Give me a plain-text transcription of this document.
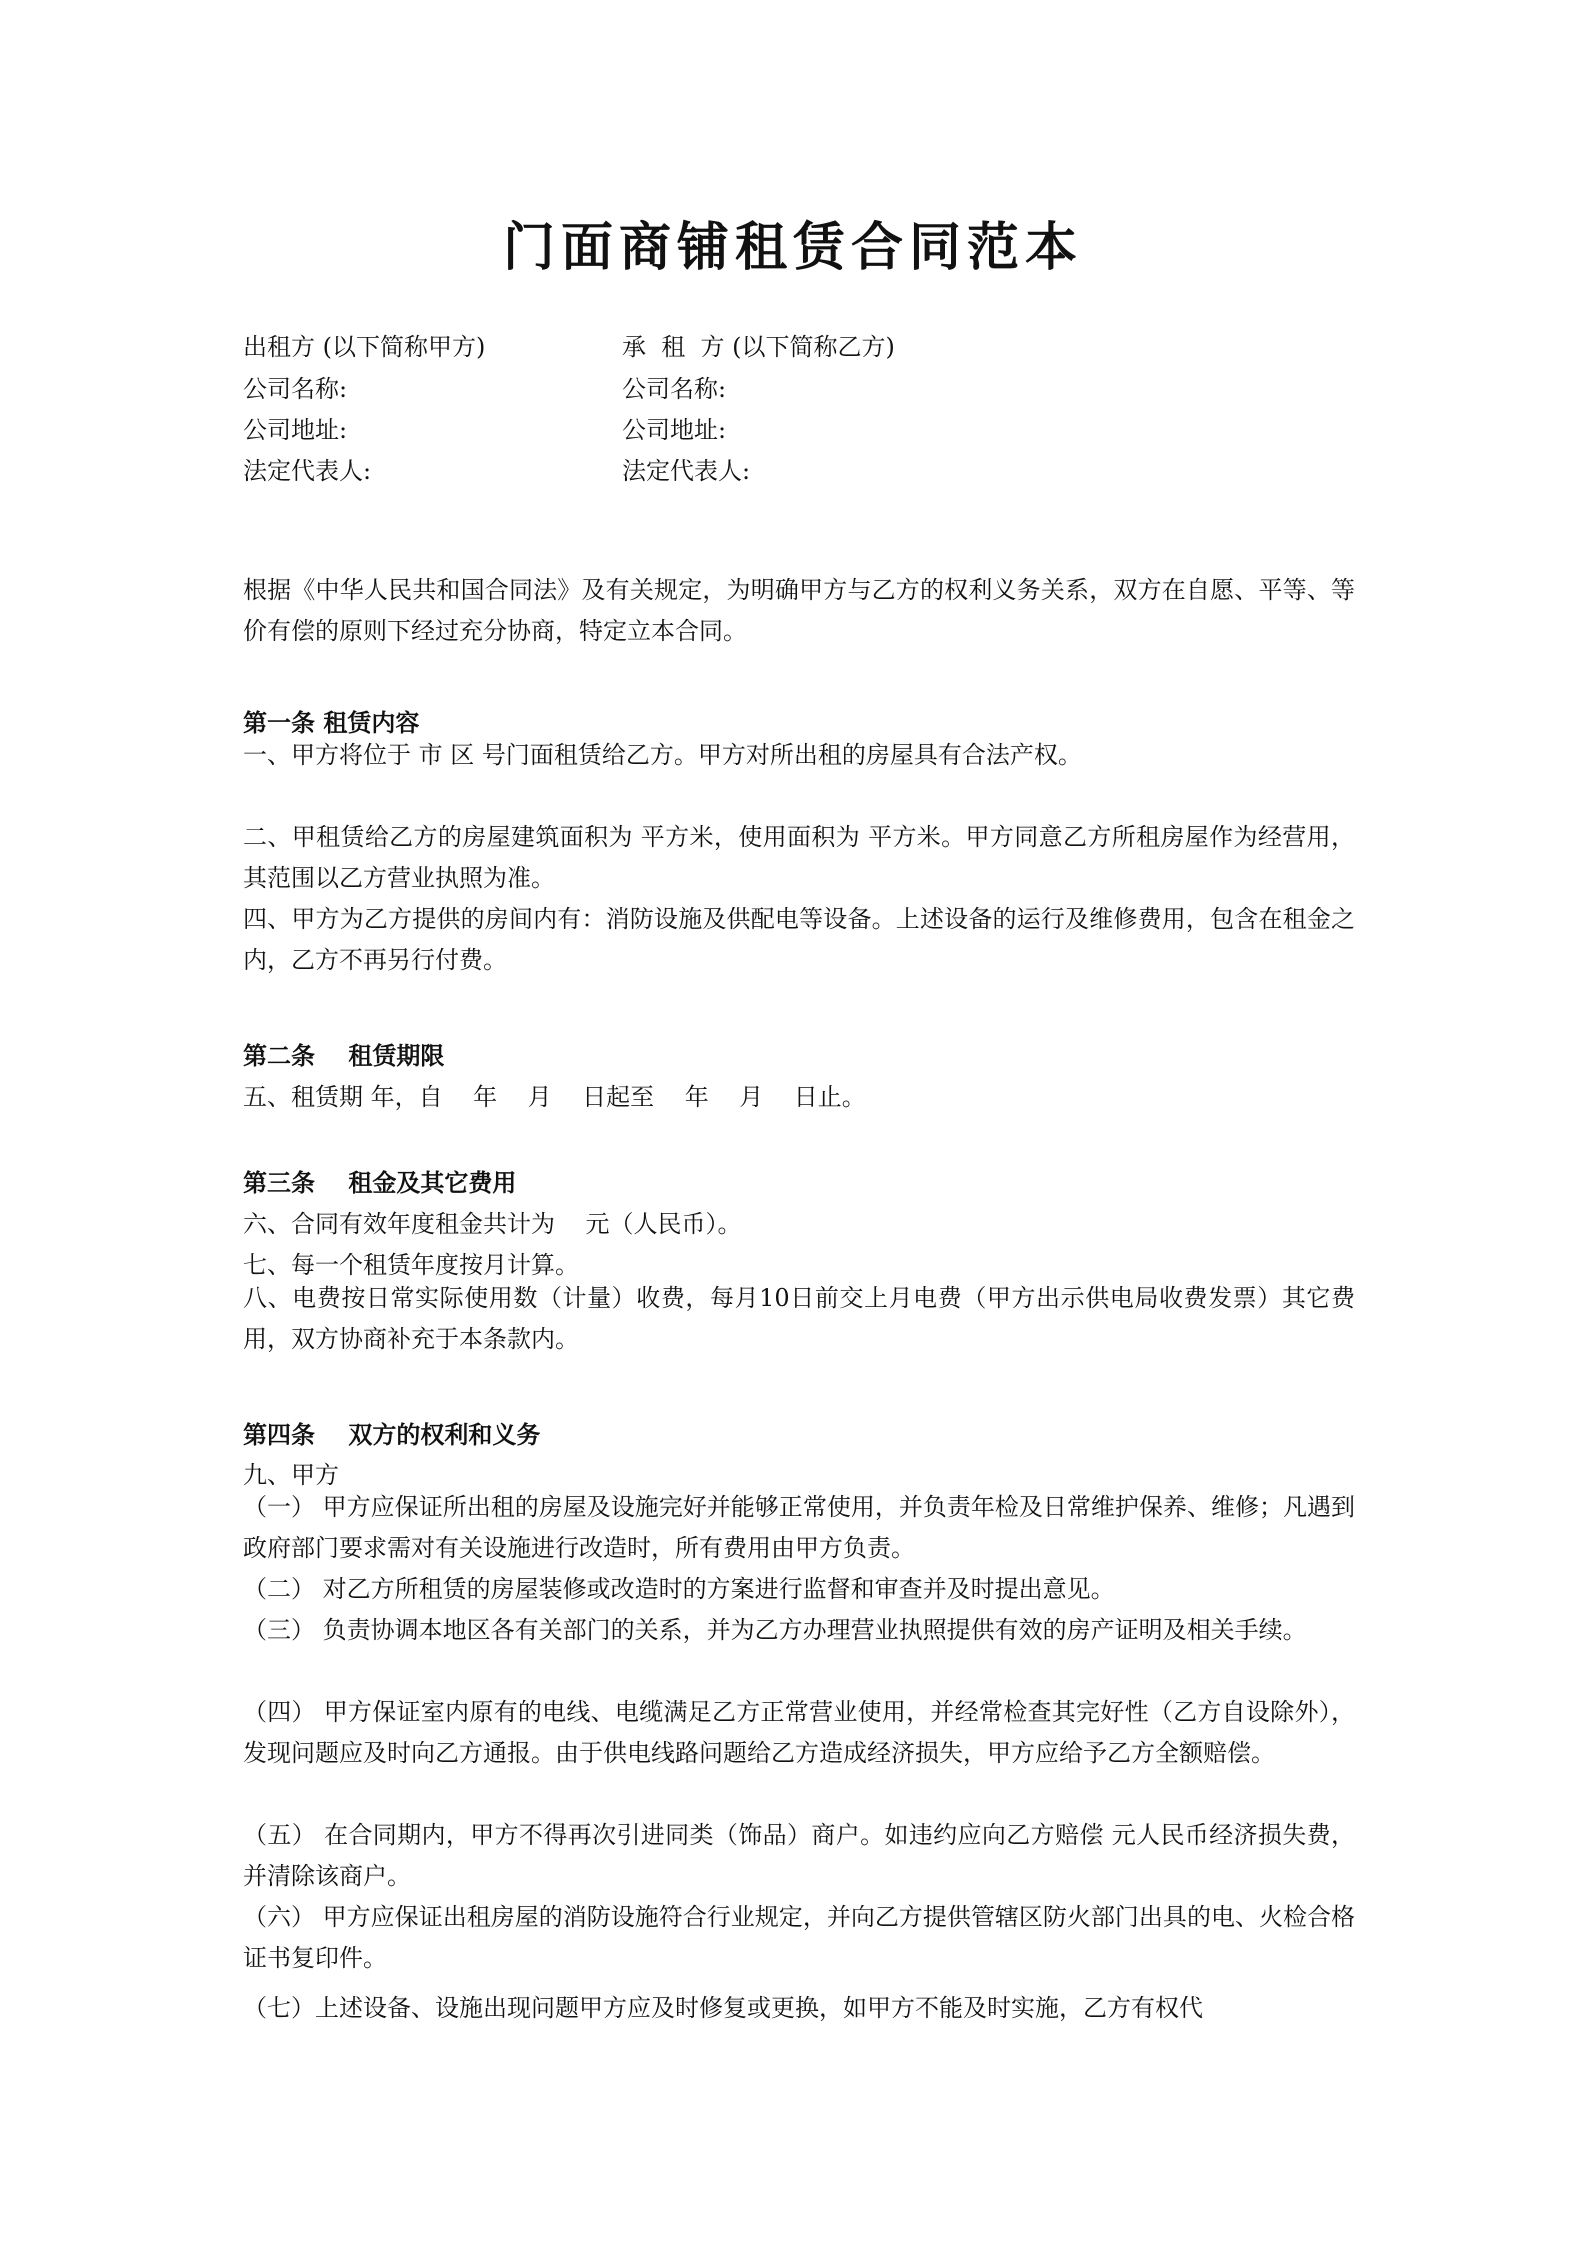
门面商铺租赁合同范本
出租方 (以下简称甲方)	承  租  方 (以下简称乙方)
公司名称:	公司名称:
公司地址:	公司地址:
法定代表人:	法定代表人:
根据《中华人民共和国合同法》及有关规定，为明确甲方与乙方的权利义务关系，双方在自愿、平等、等价有偿的原则下经过充分协商，特定立本合同。
第一条 租赁内容
一、甲方将位于 市 区 号门面租赁给乙方。甲方对所出租的房屋具有合法产权。
二、甲租赁给乙方的房屋建筑面积为 平方米，使用面积为 平方米。甲方同意乙方所租房屋作为经营用，其范围以乙方营业执照为准。
四、甲方为乙方提供的房间内有：消防设施及供配电等设备。上述设备的运行及维修费用，包含在租金之内，乙方不再另行付费。
第二条    租赁期限
五、租赁期 年，自    年    月    日起至    年    月    日止。
第三条    租金及其它费用
六、合同有效年度租金共计为    元（人民币）。
七、每一个租赁年度按月计算。
八、电费按日常实际使用数（计量）收费，每月10日前交上月电费（甲方出示供电局收费发票）其它费用，双方协商补充于本条款内。
第四条    双方的权利和义务
九、甲方
（一） 甲方应保证所出租的房屋及设施完好并能够正常使用，并负责年检及日常维护保养、维修；凡遇到政府部门要求需对有关设施进行改造时，所有费用由甲方负责。
（二） 对乙方所租赁的房屋装修或改造时的方案进行监督和审查并及时提出意见。
（三） 负责协调本地区各有关部门的关系，并为乙方办理营业执照提供有效的房产证明及相关手续。
（四） 甲方保证室内原有的电线、电缆满足乙方正常营业使用，并经常检查其完好性（乙方自设除外），发现问题应及时向乙方通报。由于供电线路问题给乙方造成经济损失，甲方应给予乙方全额赔偿。
（五） 在合同期内，甲方不得再次引进同类（饰品）商户。如违约应向乙方赔偿 元人民币经济损失费，并清除该商户。
（六） 甲方应保证出租房屋的消防设施符合行业规定，并向乙方提供管辖区防火部门出具的电、火检合格证书复印件。
（七）上述设备、设施出现问题甲方应及时修复或更换，如甲方不能及时实施，乙方有权代
